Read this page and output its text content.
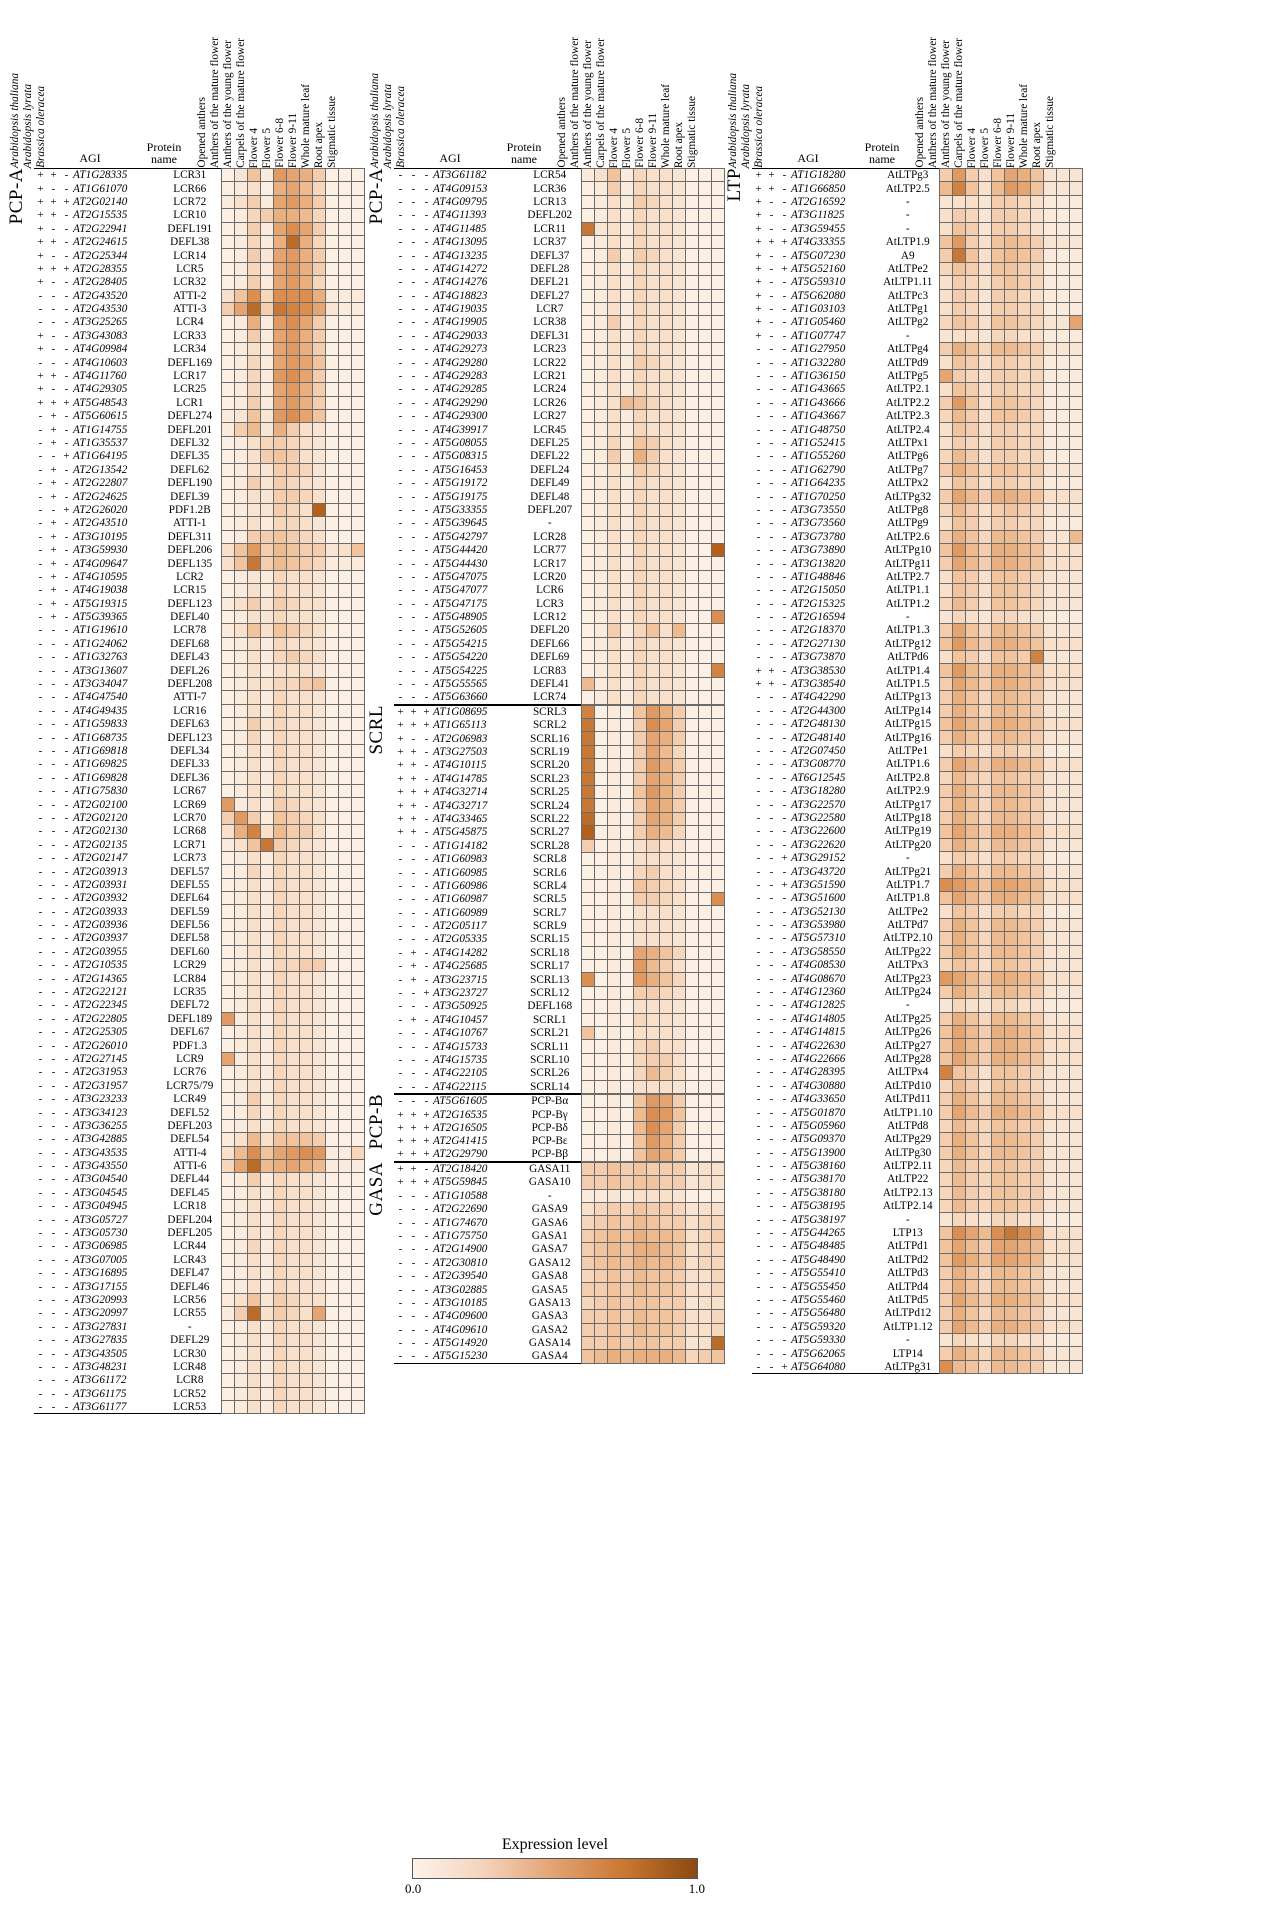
Arabidopsis thaliana Arabidopsis lyrata Brassica oleracea	AGI
Protein
name	Opened anthers Anthers of the mature flower Anthers of the young flower Carpels of the mature flower Flower 4 Flower 5 Flower 6-8 Flower 9-11 Whole mature leaf Root apex Stigmatic tissue
PCP-A +	+	-	AT1G28335	LCR31											
+	-	-	AT1G61070	LCR66											
+	+	+	AT2G02140	LCR72											
+	+	-	AT2G15535	LCR10											
+	-	-	AT2G22941	DEFL191											
+	+	-	AT2G24615	DEFL38											
+	-	-	AT2G25344	LCR14											
+	+	+	AT2G28355	LCR5											
+	-	-	AT2G28405	LCR32											
-	-	-	AT2G43520	ATTI-2											
-	-	-	AT2G43530	ATTI-3											
-	-	-	AT3G25265	LCR4											
+	-	-	AT3G43083	LCR33											
+	-	-	AT4G09984	LCR34											
-	-	-	AT4G10603	DEFL169											
+	+	-	AT4G11760	LCR17											
+	-	-	AT4G29305	LCR25											
+	+	+	AT5G48543	LCR1											
-	+	-	AT5G60615	DEFL274											
-	+	-	AT1G14755	DEFL201											
-	+	-	AT1G35537	DEFL32											
-	-	+	AT1G64195	DEFL35											
-	+	-	AT2G13542	DEFL62											
-	+	-	AT2G22807	DEFL190											
-	+	-	AT2G24625	DEFL39											
-	-	+	AT2G26020	PDF1.2B											
-	+	-	AT2G43510	ATTI-1											
-	+	-	AT3G10195	DEFL311											
-	+	-	AT3G59930	DEFL206											
-	+	-	AT4G09647	DEFL135											
-	+	-	AT4G10595	LCR2											
-	+	-	AT4G19038	LCR15											
-	+	-	AT5G19315	DEFL123											
-	+	-	AT5G39365	DEFL40											
-	-	-	AT1G19610	LCR78											
-	-	-	AT1G24062	DEFL68											
-	-	-	AT1G32763	DEFL43											
-	-	-	AT3G13607	DEFL26											
-	-	-	AT3G34047	DEFL208											
-	-	-	AT4G47540	ATTI-7											
-	-	-	AT4G49435	LCR16											
-	-	-	AT1G59833	DEFL63											
-	-	-	AT1G68735	DEFL123											
-	-	-	AT1G69818	DEFL34											
-	-	-	AT1G69825	DEFL33											
-	-	-	AT1G69828	DEFL36											
-	-	-	AT1G75830	LCR67											
-	-	-	AT2G02100	LCR69											
-	-	-	AT2G02120	LCR70											
-	-	-	AT2G02130	LCR68											
-	-	-	AT2G02135	LCR71											
-	-	-	AT2G02147	LCR73											
-	-	-	AT2G03913	DEFL57											
-	-	-	AT2G03931	DEFL55											
-	-	-	AT2G03932	DEFL64											
-	-	-	AT2G03933	DEFL59											
-	-	-	AT2G03936	DEFL56											
-	-	-	AT2G03937	DEFL58											
-	-	-	AT2G03955	DEFL60											
-	-	-	AT2G10535	LCR29											
-	-	-	AT2G14365	LCR84											
-	-	-	AT2G22121	LCR35											
-	-	-	AT2G22345	DEFL72											
-	-	-	AT2G22805	DEFL189											
-	-	-	AT2G25305	DEFL67											
-	-	-	AT2G26010	PDF1.3											
-	-	-	AT2G27145	LCR9											
-	-	-	AT2G31953	LCR76											
-	-	-	AT2G31957	LCR75/79											
-	-	-	AT3G23233	LCR49											
-	-	-	AT3G34123	DEFL52											
-	-	-	AT3G36255	DEFL203											
-	-	-	AT3G42885	DEFL54											
-	-	-	AT3G43535	ATTI-4											
-	-	-	AT3G43550	ATTI-6											
-	-	-	AT3G04540	DEFL44											
-	-	-	AT3G04545	DEFL45											
-	-	-	AT3G04945	LCR18											
-	-	-	AT3G05727	DEFL204											
-	-	-	AT3G05730	DEFL205											
-	-	-	AT3G06985	LCR44											
-	-	-	AT3G07005	LCR43											
-	-	-	AT3G16895	DEFL47											
-	-	-	AT3G17155	DEFL46											
-	-	-	AT3G20993	LCR56											
-	-	-	AT3G20997	LCR55											
-	-	-	AT3G27831	-											
-	-	-	AT3G27835	DEFL29											
-	-	-	AT3G43505	LCR30											
-	-	-	AT3G48231	LCR48											
-	-	-	AT3G61172	LCR8											
-	-	-	AT3G61175	LCR52											
-	-	-	AT3G61177	LCR53											
Arabidopsis thaliana Arabidopsis lyrata Brassica oleracea	AGI
Protein
name	Opened anthers Anthers of the mature flower Anthers of the young flower Carpels of the mature flower Flower 4 Flower 5 Flower 6-8 Flower 9-11 Whole mature leaf Root apex Stigmatic tissue
PCP-A -	-	-	AT3G61182	LCR54											
-	-	-	AT4G09153	LCR36											
-	-	-	AT4G09795	LCR13											
-	-	-	AT4G11393	DEFL202											
-	-	-	AT4G11485	LCR11											
-	-	-	AT4G13095	LCR37											
-	-	-	AT4G13235	DEFL37											
-	-	-	AT4G14272	DEFL28											
-	-	-	AT4G14276	DEFL21											
-	-	-	AT4G18823	DEFL27											
-	-	-	AT4G19035	LCR7											
-	-	-	AT4G19905	LCR38											
-	-	-	AT4G29033	DEFL31											
-	-	-	AT4G29273	LCR23											
-	-	-	AT4G29280	LCR22											
-	-	-	AT4G29283	LCR21											
-	-	-	AT4G29285	LCR24											
-	-	-	AT4G29290	LCR26											
-	-	-	AT4G29300	LCR27											
-	-	-	AT4G39917	LCR45											
-	-	-	AT5G08055	DEFL25											
-	-	-	AT5G08315	DEFL22											
-	-	-	AT5G16453	DEFL24											
-	-	-	AT5G19172	DEFL49											
-	-	-	AT5G19175	DEFL48											
-	-	-	AT5G33355	DEFL207											
-	-	-	AT5G39645	-											
-	-	-	AT5G42797	LCR28											
-	-	-	AT5G44420	LCR77											
-	-	-	AT5G44430	LCR17											
-	-	-	AT5G47075	LCR20											
-	-	-	AT5G47077	LCR6											
-	-	-	AT5G47175	LCR3											
-	-	-	AT5G48905	LCR12											
-	-	-	AT5G52605	DEFL20											
-	-	-	AT5G54215	DEFL66											
-	-	-	AT5G54220	DEFL69											
-	-	-	AT5G54225	LCR83											
-	-	-	AT5G55565	DEFL41											
-	-	-	AT5G63660	LCR74											
SCRL +	+	+	AT1G08695	SCRL3											
+	+	+	AT1G65113	SCRL2											
+	-	-	AT2G06983	SCRL16											
+	+	-	AT3G27503	SCRL19											
+	+	-	AT4G10115	SCRL20											
+	+	-	AT4G14785	SCRL23											
+	+	+	AT4G32714	SCRL25											
+	+	-	AT4G32717	SCRL24											
+	+	-	AT4G33465	SCRL22											
+	+	-	AT5G45875	SCRL27											
-	-	-	AT1G14182	SCRL28											
-	-	-	AT1G60983	SCRL8											
-	-	-	AT1G60985	SCRL6											
-	-	-	AT1G60986	SCRL4											
-	-	-	AT1G60987	SCRL5											
-	-	-	AT1G60989	SCRL7											
-	-	-	AT2G05117	SCRL9											
-	-	-	AT2G05335	SCRL15											
-	+	-	AT4G14282	SCRL18											
-	+	-	AT4G25685	SCRL17											
-	+	-	AT3G23715	SCRL13											
-	-	+	AT3G23727	SCRL12											
-	-	-	AT3G50925	DEFL168											
-	+	-	AT4G10457	SCRL1											
-	-	-	AT4G10767	SCRL21											
-	-	-	AT4G15733	SCRL11											
-	-	-	AT4G15735	SCRL10											
-	-	-	AT4G22105	SCRL26											
-	-	-	AT4G22115	SCRL14											
PCP-B -	-	-	AT5G61605	PCP-Bα											
+	+	+	AT2G16535	PCP-Bγ											
+	+	+	AT2G16505	PCP-Bδ											
+	+	+	AT2G41415	PCP-Bε											
+	+	+	AT2G29790	PCP-Bβ											
GASA +	+	-	AT2G18420	GASA11											
+	+	+	AT5G59845	GASA10											
-	-	-	AT1G10588	-											
-	-	-	AT2G22690	GASA9											
-	-	-	AT1G74670	GASA6											
-	-	-	AT1G75750	GASA1											
-	-	-	AT2G14900	GASA7											
-	-	-	AT2G30810	GASA12											
-	-	-	AT2G39540	GASA8											
-	-	-	AT3G02885	GASA5											
-	-	-	AT3G10185	GASA13											
-	-	-	AT4G09600	GASA3											
-	-	-	AT4G09610	GASA2											
-	-	-	AT5G14920	GASA14											
-	-	-	AT5G15230	GASA4											
Arabidopsis thaliana Arabidopsis lyrata Brassica oleracea	AGI
Protein
name	Opened anthers Anthers of the mature flower Anthers of the young flower Carpels of the mature flower Flower 4 Flower 5 Flower 6-8 Flower 9-11 Whole mature leaf Root apex Stigmatic tissue
LTP +	+	-	AT1G18280	AtLTPg3											
+	+	-	AT1G66850	AtLTP2.5											
+	-	-	AT2G16592	-											
+	-	-	AT3G11825	-											
+	-	-	AT3G59455	-											
+	+	+	AT4G33355	AtLTP1.9											
+	-	-	AT5G07230	A9											
+	-	+	AT5G52160	AtLTPe2											
+	-	-	AT5G59310	AtLTP1.11											
+	-	-	AT5G62080	AtLTPc3											
+	-	-	AT1G03103	AtLTPg1											
+	-	-	AT1G05460	AtLTPg2											
+	-	-	AT1G07747	-											
-	-	-	AT1G27950	AtLTPg4											
-	-	-	AT1G32280	AtLTPd9											
-	-	-	AT1G36150	AtLTPg5											
-	-	-	AT1G43665	AtLTP2.1											
-	-	-	AT1G43666	AtLTP2.2											
-	-	-	AT1G43667	AtLTP2.3											
-	-	-	AT1G48750	AtLTP2.4											
-	-	-	AT1G52415	AtLTPx1											
-	-	-	AT1G55260	AtLTPg6											
-	-	-	AT1G62790	AtLTPg7											
-	-	-	AT1G64235	AtLTPx2											
-	-	-	AT1G70250	AtLTPg32											
-	-	-	AT3G73550	AtLTPg8											
-	-	-	AT3G73560	AtLTPg9											
-	-	-	AT3G73780	AtLTP2.6											
-	-	-	AT3G73890	AtLTPg10											
-	-	-	AT3G13820	AtLTPg11											
-	-	-	AT1G48846	AtLTP2.7											
-	-	-	AT2G15050	AtLTP1.1											
-	-	-	AT2G15325	AtLTP1.2											
-	-	-	AT2G16594	-											
-	-	-	AT2G18370	AtLTP1.3											
-	-	-	AT2G27130	AtLTPg12											
-	-	-	AT3G73870	AtLTPd6											
+	+	-	AT3G38530	AtLTP1.4											
+	+	-	AT3G38540	AtLTP1.5											
-	-	-	AT4G42290	AtLTPg13											
-	-	-	AT2G44300	AtLTPg14											
-	-	-	AT2G48130	AtLTPg15											
-	-	-	AT2G48140	AtLTPg16											
-	-	-	AT2G07450	AtLTPe1											
-	-	-	AT3G08770	AtLTP1.6											
-	-	-	AT6G12545	AtLTP2.8											
-	-	-	AT3G18280	AtLTP2.9											
-	-	-	AT3G22570	AtLTPg17											
-	-	-	AT3G22580	AtLTPg18											
-	-	-	AT3G22600	AtLTPg19											
-	-	-	AT3G22620	AtLTPg20											
-	-	+	AT3G29152	-											
-	-	-	AT3G43720	AtLTPg21											
-	-	+	AT3G51590	AtLTP1.7											
-	-	-	AT3G51600	AtLTP1.8											
-	-	-	AT3G52130	AtLTPe2											
-	-	-	AT3G53980	AtLTPd7											
-	-	-	AT5G57310	AtLTP2.10											
-	-	-	AT3G58550	AtLTPg22											
-	-	-	AT4G08530	AtLTPx3											
-	-	-	AT4G08670	AtLTPg23											
-	-	-	AT4G12360	AtLTPg24											
-	-	-	AT4G12825	-											
-	-	-	AT4G14805	AtLTPg25											
-	-	-	AT4G14815	AtLTPg26											
-	-	-	AT4G22630	AtLTPg27											
-	-	-	AT4G22666	AtLTPg28											
-	-	-	AT4G28395	AtLTPx4											
-	-	-	AT4G30880	AtLTPd10											
-	-	-	AT4G33650	AtLTPd11											
-	-	-	AT5G01870	AtLTP1.10											
-	-	-	AT5G05960	AtLTPd8											
-	-	-	AT5G09370	AtLTPg29											
-	-	-	AT5G13900	AtLTPg30											
-	-	-	AT5G38160	AtLTP2.11											
-	-	-	AT5G38170	AtLTP22											
-	-	-	AT5G38180	AtLTP2.13											
-	-	-	AT5G38195	AtLTP2.14											
-	-	-	AT5G38197	-											
-	-	-	AT5G44265	LTP13											
-	-	-	AT5G48485	AtLTPd1											
-	-	-	AT5G48490	AtLTPd2											
-	-	-	AT5G55410	AtLTPd3											
-	-	-	AT5G55450	AtLTPd4											
-	-	-	AT5G55460	AtLTPd5											
-	-	-	AT5G56480	AtLTPd12											
-	-	-	AT5G59320	AtLTP1.12											
-	-	-	AT5G59330	-											
-	-	-	AT5G62065	LTP14											
-	-	+	AT5G64080	AtLTPg31											
Expression level
0.0	1.0
